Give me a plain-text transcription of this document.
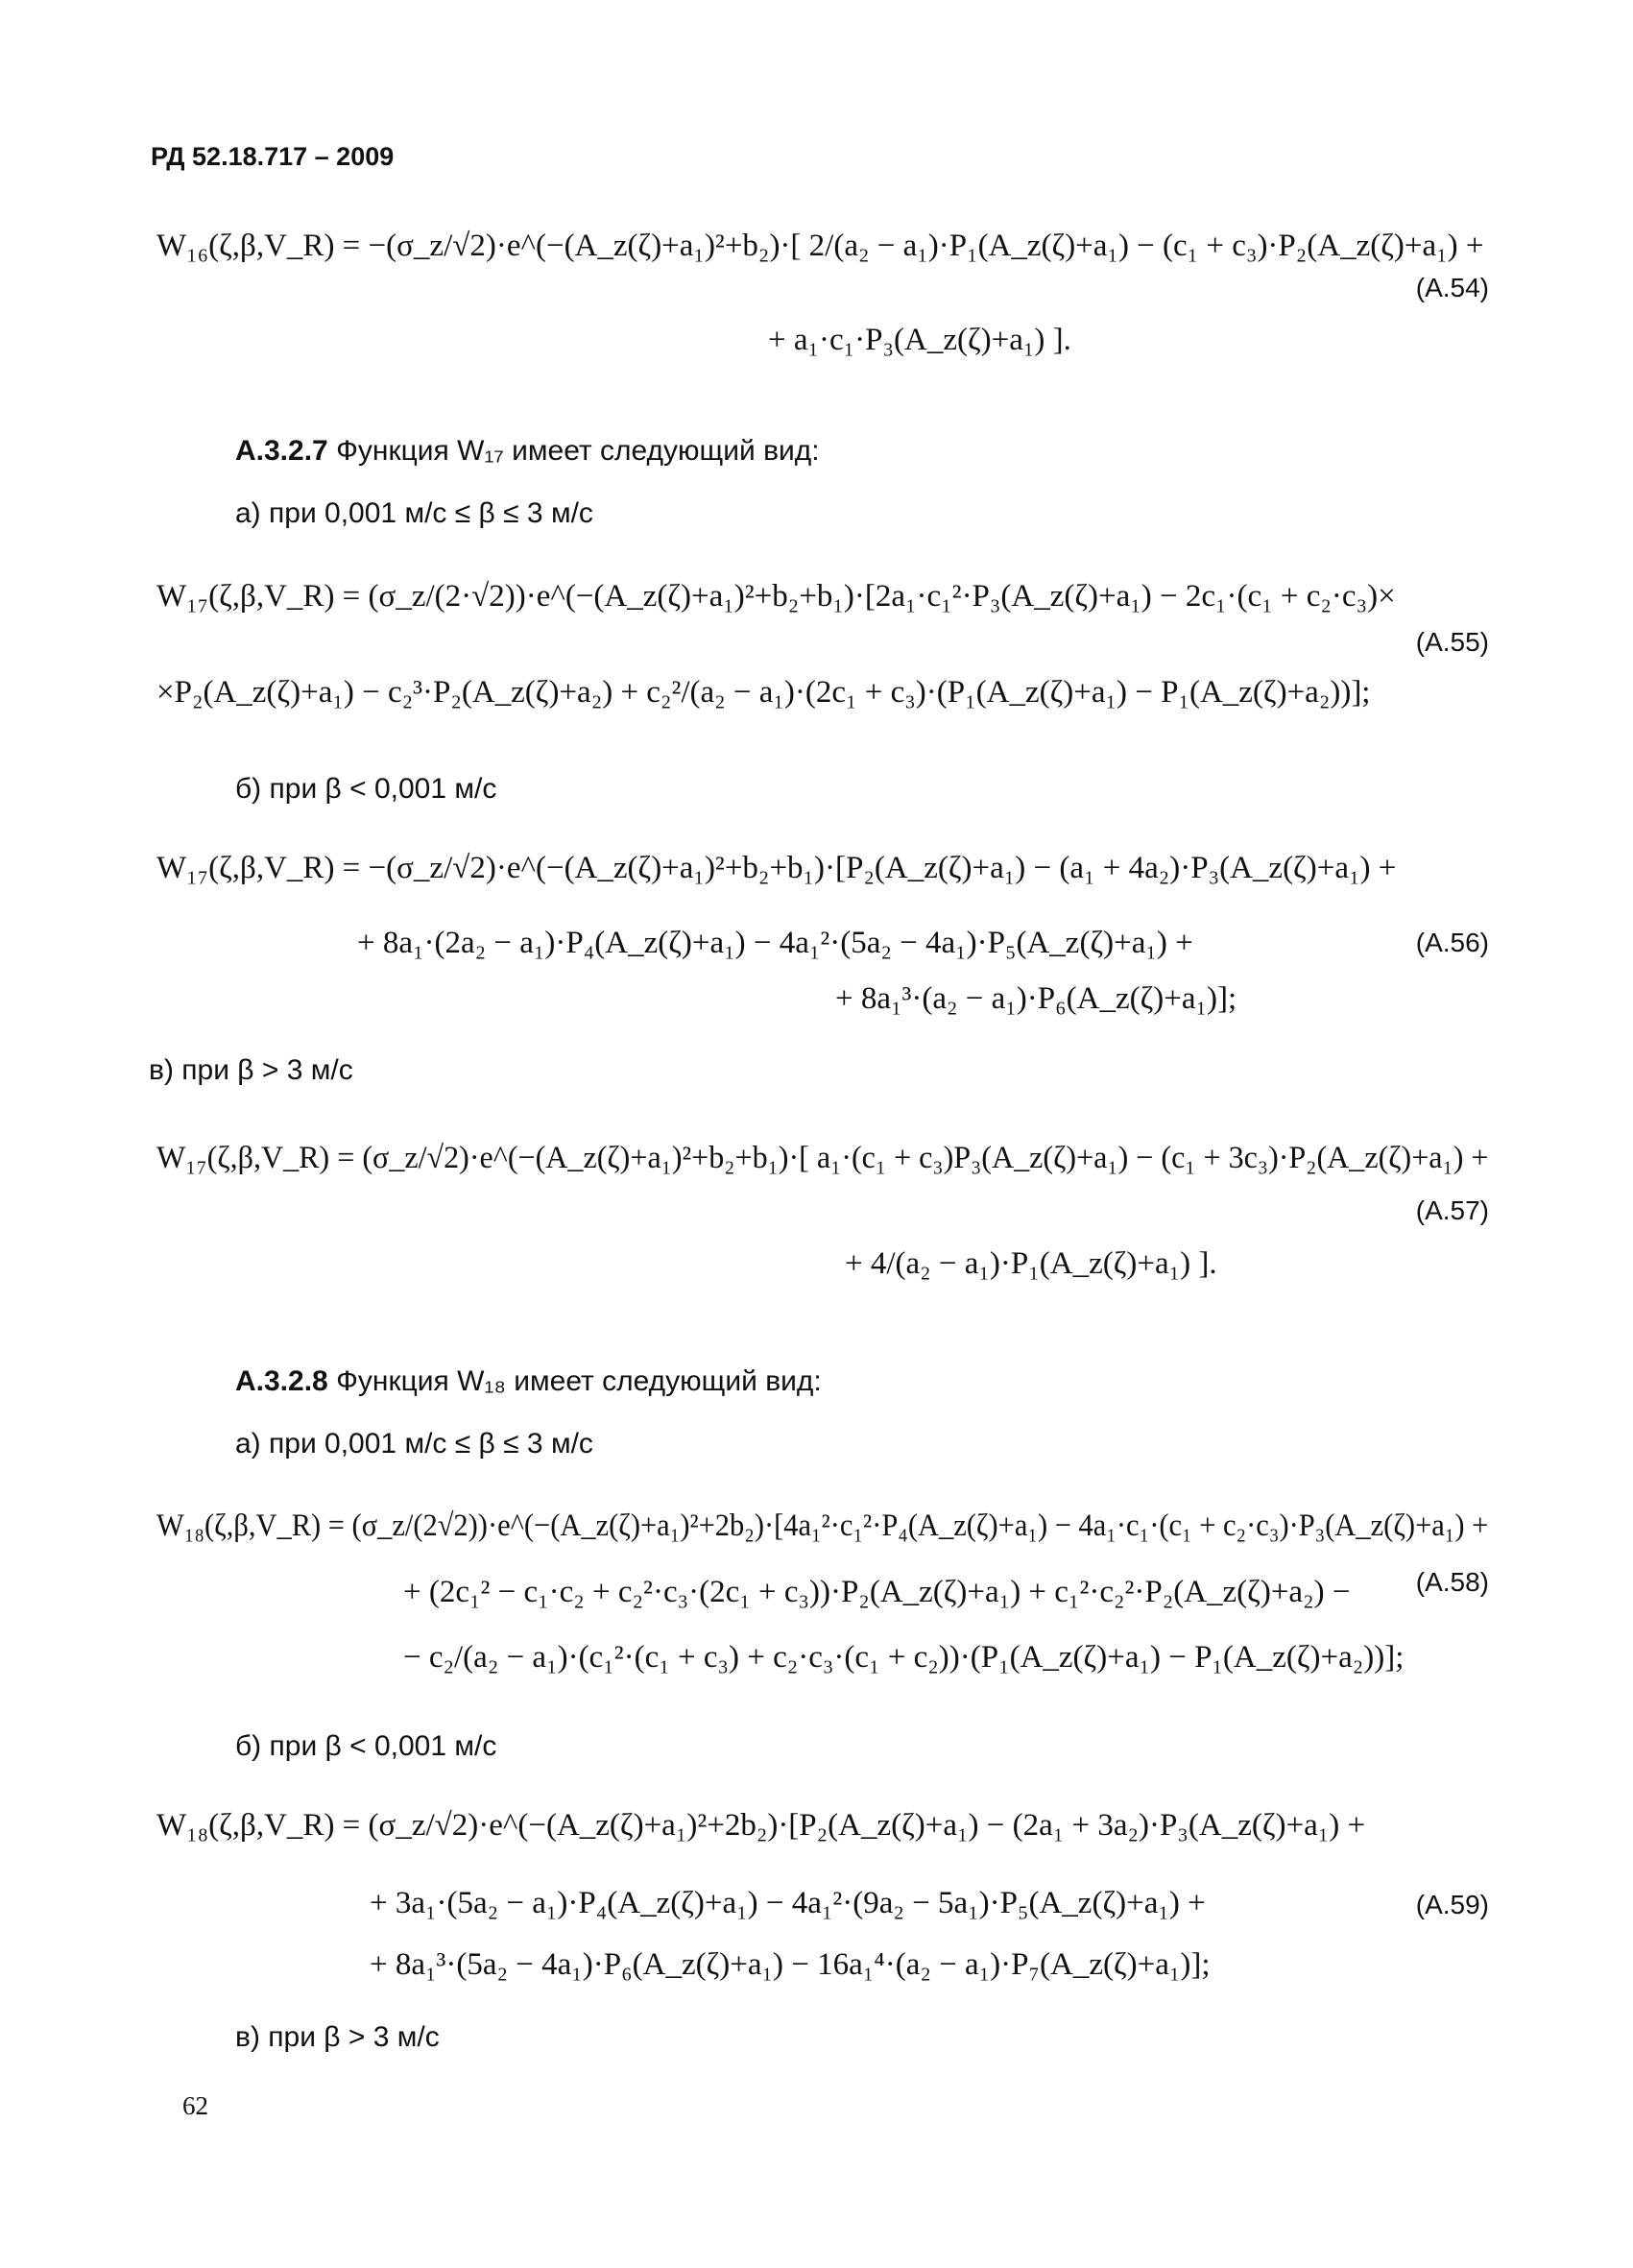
РД 52.18.717 – 2009
W₁₆(ζ,β,V_R) = −(σ_z/√2)·e^(−(A_z(ζ)+a₁)²+b₂)·[ 2/(a₂ − a₁)·P₁(A_z(ζ)+a₁) − (c₁ + c₃)·P₂(A_z(ζ)+a₁) +
+ a₁·c₁·P₃(A_z(ζ)+a₁) ].
(A.54)
А.3.2.7 Функция W₁₇ имеет следующий вид:
а) при 0,001 м/с ≤ β ≤ 3 м/с
W₁₇(ζ,β,V_R) = (σ_z/(2·√2))·e^(−(A_z(ζ)+a₁)²+b₂+b₁)·[2a₁·c₁²·P₃(A_z(ζ)+a₁) − 2c₁·(c₁ + c₂·c₃)×
×P₂(A_z(ζ)+a₁) − c₂³·P₂(A_z(ζ)+a₂) + c₂²/(a₂ − a₁)·(2c₁ + c₃)·(P₁(A_z(ζ)+a₁) − P₁(A_z(ζ)+a₂))];
(A.55)
б) при β < 0,001 м/с
W₁₇(ζ,β,V_R) = −(σ_z/√2)·e^(−(A_z(ζ)+a₁)²+b₂+b₁)·[P₂(A_z(ζ)+a₁) − (a₁ + 4a₂)·P₃(A_z(ζ)+a₁) +
+ 8a₁·(2a₂ − a₁)·P₄(A_z(ζ)+a₁) − 4a₁²·(5a₂ − 4a₁)·P₅(A_z(ζ)+a₁) +
+ 8a₁³·(a₂ − a₁)·P₆(A_z(ζ)+a₁)];
(A.56)
в) при β > 3 м/с
W₁₇(ζ,β,V_R) = (σ_z/√2)·e^(−(A_z(ζ)+a₁)²+b₂+b₁)·[ a₁·(c₁ + c₃)P₃(A_z(ζ)+a₁) − (c₁ + 3c₃)·P₂(A_z(ζ)+a₁) +
+ 4/(a₂ − a₁)·P₁(A_z(ζ)+a₁) ].
(A.57)
А.3.2.8 Функция W₁₈ имеет следующий вид:
а) при 0,001 м/с ≤ β ≤ 3 м/с
W₁₈(ζ,β,V_R) = (σ_z/(2√2))·e^(−(A_z(ζ)+a₁)²+2b₂)·[4a₁²·c₁²·P₄(A_z(ζ)+a₁) − 4a₁·c₁·(c₁ + c₂·c₃)·P₃(A_z(ζ)+a₁) +
+ (2c₁² − c₁·c₂ + c₂²·c₃·(2c₁ + c₃))·P₂(A_z(ζ)+a₁) + c₁²·c₂²·P₂(A_z(ζ)+a₂) −
− c₂/(a₂ − a₁)·(c₁²·(c₁ + c₃) + c₂·c₃·(c₁ + c₂))·(P₁(A_z(ζ)+a₁) − P₁(A_z(ζ)+a₂))];
(A.58)
б) при β < 0,001 м/с
W₁₈(ζ,β,V_R) = (σ_z/√2)·e^(−(A_z(ζ)+a₁)²+2b₂)·[P₂(A_z(ζ)+a₁) − (2a₁ + 3a₂)·P₃(A_z(ζ)+a₁) +
+ 3a₁·(5a₂ − a₁)·P₄(A_z(ζ)+a₁) − 4a₁²·(9a₂ − 5a₁)·P₅(A_z(ζ)+a₁) +
+ 8a₁³·(5a₂ − 4a₁)·P₆(A_z(ζ)+a₁) − 16a₁⁴·(a₂ − a₁)·P₇(A_z(ζ)+a₁)];
(A.59)
в) при β > 3 м/с
62
